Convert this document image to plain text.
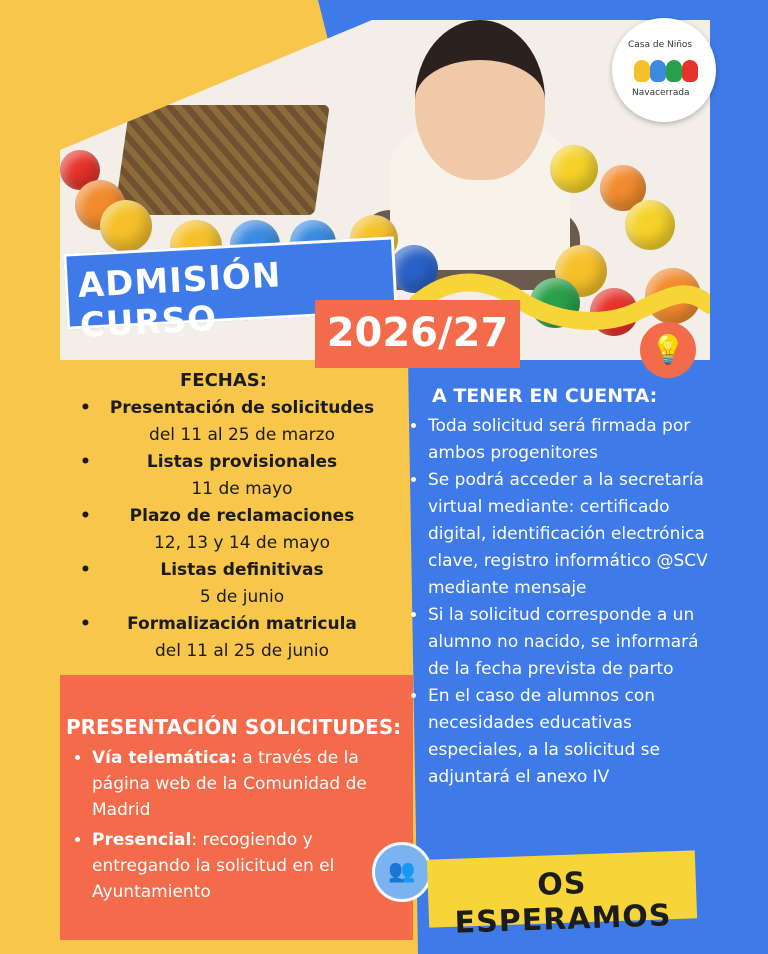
Casa de Niños
Navacerrada
ADMISIÓN CURSO	2026/27	💡
FECHAS:
• Presentación de solicitudes
del 11 al 25 de marzo
• Listas provisionales
11 de mayo
• Plazo de reclamaciones
12, 13 y 14 de mayo
• Listas definitivas
5 de junio
• Formalización matricula
del 11 al 25 de junio
PRESENTACIÓN SOLICITUDES:
• Vía telemática: a través de la página web de la Comunidad de Madrid
• Presencial: recogiendo y entregando la solicitud en el Ayuntamiento
A TENER EN CUENTA:
• Toda solicitud será firmada por ambos progenitores
• Se podrá acceder a la secretaría virtual mediante: certificado digital, identificación electrónica clave, registro informático @SCV mediante mensaje
• Si la solicitud corresponde a un alumno no nacido, se informará de la fecha prevista de parto
• En el caso de alumnos con necesidades educativas especiales, a la solicitud se adjuntará el anexo IV
👥	OS ESPERAMOS
